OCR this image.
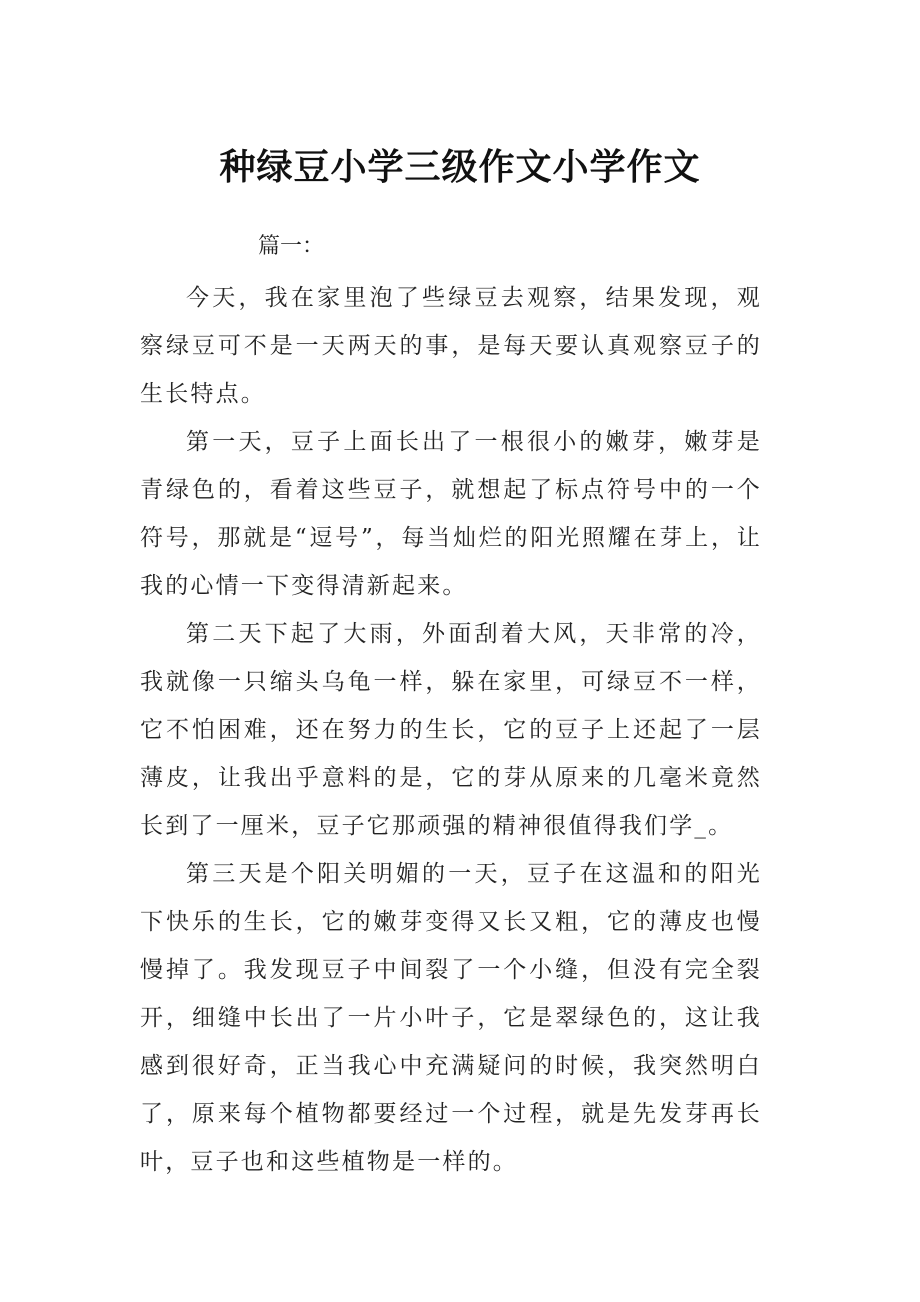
种绿豆小学三级作文小学作文

篇一：

今天，我在家里泡了些绿豆去观察，结果发现，观察绿豆可不是一天两天的事，是每天要认真观察豆子的生长特点。

第一天，豆子上面长出了一根很小的嫩芽，嫩芽是青绿色的，看着这些豆子，就想起了标点符号中的一个符号，那就是“逗号”，每当灿烂的阳光照耀在芽上，让我的心情一下变得清新起来。

第二天下起了大雨，外面刮着大风，天非常的冷，我就像一只缩头乌龟一样，躲在家里，可绿豆不一样，它不怕困难，还在努力的生长，它的豆子上还起了一层薄皮，让我出乎意料的是，它的芽从原来的几毫米竟然长到了一厘米，豆子它那顽强的精神很值得我们学_。

第三天是个阳关明媚的一天，豆子在这温和的阳光下快乐的生长，它的嫩芽变得又长又粗，它的薄皮也慢慢掉了。我发现豆子中间裂了一个小缝，但没有完全裂开，细缝中长出了一片小叶子，它是翠绿色的，这让我感到很好奇，正当我心中充满疑问的时候，我突然明白了，原来每个植物都要经过一个过程，就是先发芽再长叶，豆子也和这些植物是一样的。
